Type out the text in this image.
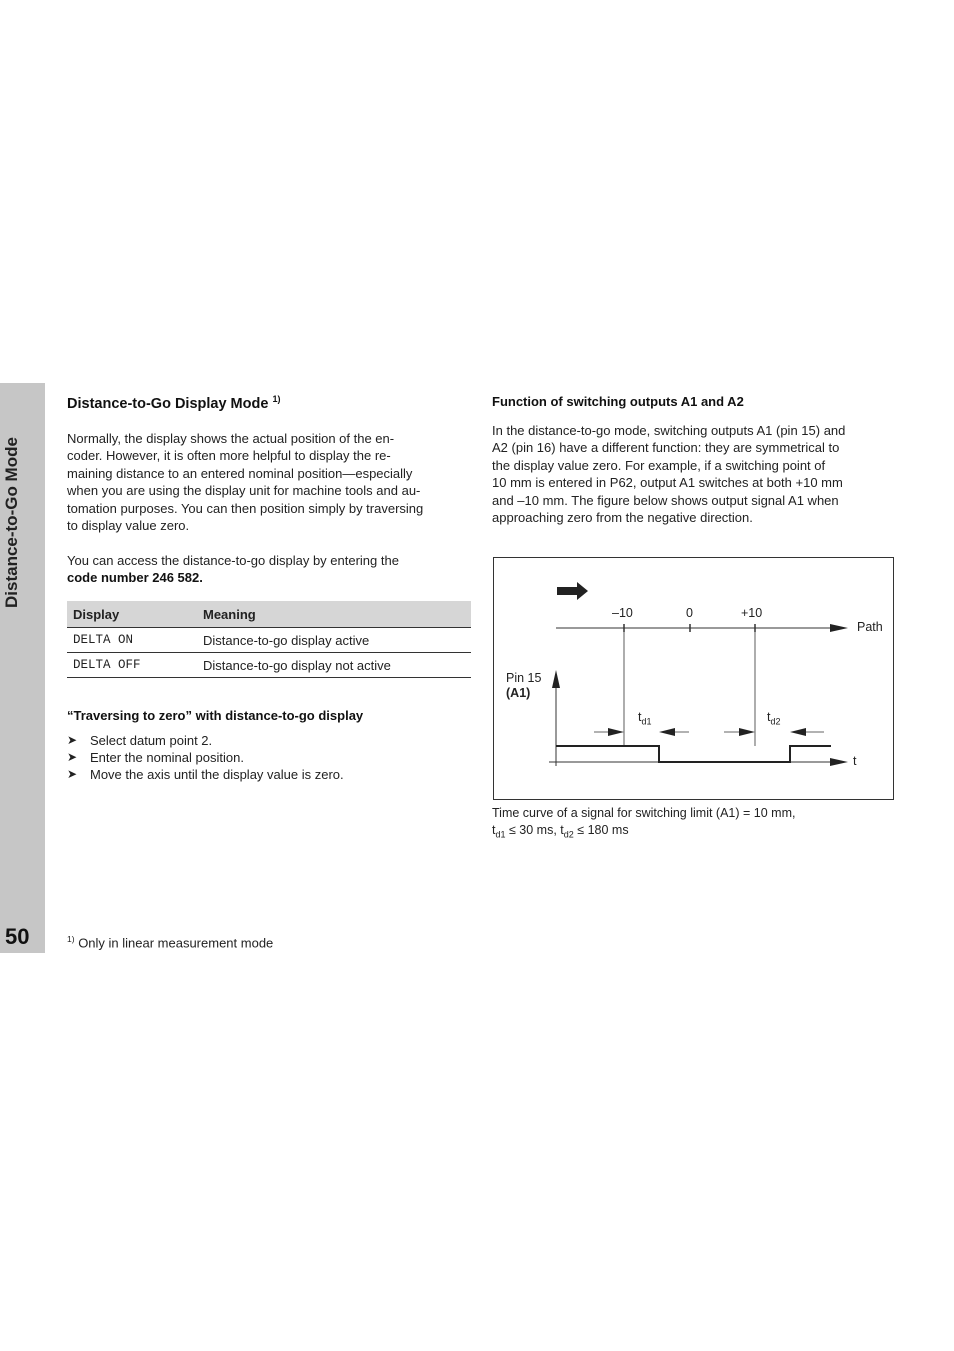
Distance-to-Go Mode
50
Distance-to-Go Display Mode $^{1)}$
Normally, the display shows the actual position of the en-
coder. However, it is often more helpful to display the re-
maining distance to an entered nominal position—especially
when you are using the display unit for machine tools and au-
tomation purposes. You can then position simply by traversing
to display value zero.
You can access the distance-to-go display by entering the
code number 246 582.
Display	Meaning
DELTA ON	Distance-to-go display active
DELTA OFF	Distance-to-go display not active
“Traversing to zero” with distance-to-go display
➤ Select datum point 2.
➤ Enter the nominal position.
➤ Move the axis until the display value is zero.
Function of switching outputs A1 and A2
In the distance-to-go mode, switching outputs A1 (pin 15) and
A2 (pin 16) have a different function: they are symmetrical to
the display value zero. For example, if a switching point of
10 mm is entered in P62, output A1 switches at both +10 mm
and –10 mm. The figure below shows output signal A1 when
approaching zero from the negative direction.
–10	0	+10
Path
Pin 15
(A1)
$t_{d1}$	$t_{d2}$
t
Time curve of a signal for switching limit (A1) = 10 mm,
$t_{d1} \le 30$ ms, $t_{d2} \le 180$ ms
$^{1)}$ Only in linear measurement mode
